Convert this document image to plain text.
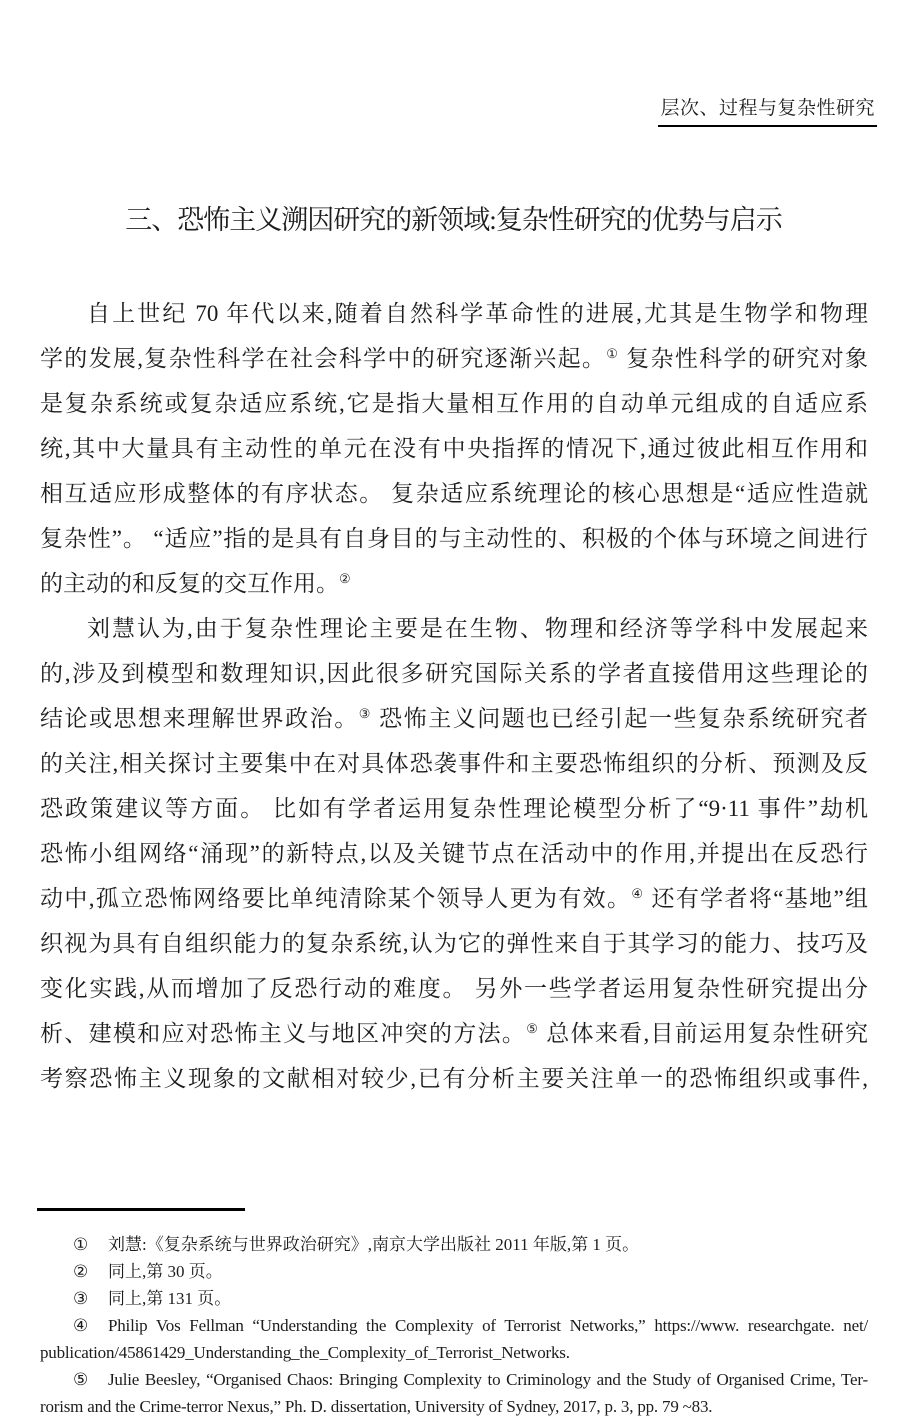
层次、过程与复杂性研究
三、恐怖主义溯因研究的新领域:复杂性研究的优势与启示
自上世纪 70 年代以来,随着自然科学革命性的进展,尤其是生物学和物理
学的发展,复杂性科学在社会科学中的研究逐渐兴起。① 复杂性科学的研究对象
是复杂系统或复杂适应系统,它是指大量相互作用的自动单元组成的自适应系
统,其中大量具有主动性的单元在没有中央指挥的情况下,通过彼此相互作用和
相互适应形成整体的有序状态。 复杂适应系统理论的核心思想是“适应性造就
复杂性”。 “适应”指的是具有自身目的与主动性的、积极的个体与环境之间进行
的主动的和反复的交互作用。②
刘慧认为,由于复杂性理论主要是在生物、物理和经济等学科中发展起来
的,涉及到模型和数理知识,因此很多研究国际关系的学者直接借用这些理论的
结论或思想来理解世界政治。③ 恐怖主义问题也已经引起一些复杂系统研究者
的关注,相关探讨主要集中在对具体恐袭事件和主要恐怖组织的分析、预测及反
恐政策建议等方面。 比如有学者运用复杂性理论模型分析了“9·11 事件”劫机
恐怖小组网络“涌现”的新特点,以及关键节点在活动中的作用,并提出在反恐行
动中,孤立恐怖网络要比单纯清除某个领导人更为有效。④ 还有学者将“基地”组
织视为具有自组织能力的复杂系统,认为它的弹性来自于其学习的能力、技巧及
变化实践,从而增加了反恐行动的难度。 另外一些学者运用复杂性研究提出分
析、建模和应对恐怖主义与地区冲突的方法。⑤ 总体来看,目前运用复杂性研究
考察恐怖主义现象的文献相对较少,已有分析主要关注单一的恐怖组织或事件,
① 刘慧:《复杂系统与世界政治研究》,南京大学出版社 2011 年版,第 1 页。
② 同上,第 30 页。
③ 同上,第 131 页。
④ Philip Vos Fellman “Understanding the Complexity of Terrorist Networks,” https://www. researchgate. net/
publication/45861429_Understanding_the_Complexity_of_Terrorist_Networks.
⑤ Julie Beesley, “Organised Chaos: Bringing Complexity to Criminology and the Study of Organised Crime, Ter-
rorism and the Crime-terror Nexus,” Ph. D. dissertation, University of Sydney, 2017, p. 3, pp. 79 ~83.
